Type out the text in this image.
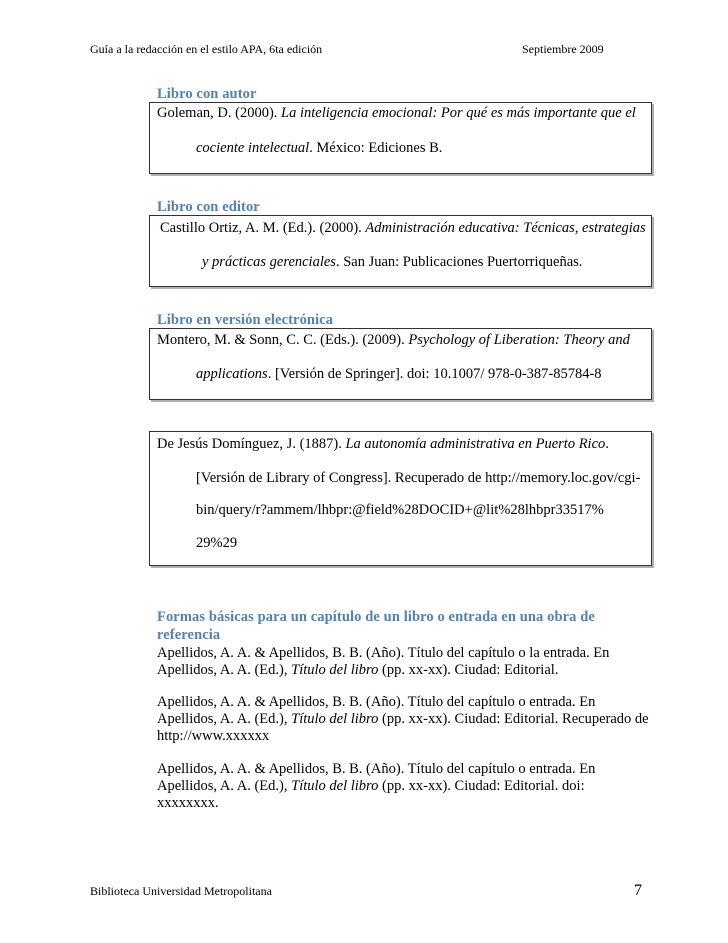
Guía a la redacción en el estilo APA, 6ta edición	Septiembre 2009
Libro con autor
Goleman, D. (2000). La inteligencia emocional: Por qué es más importante que el
cociente intelectual. México: Ediciones B.
Libro con editor
Castillo Ortiz, A. M. (Ed.). (2000). Administración educativa: Técnicas, estrategias
y prácticas gerenciales. San Juan: Publicaciones Puertorriqueñas.
Libro en versión electrónica
Montero, M. & Sonn, C. C. (Eds.). (2009). Psychology of Liberation: Theory and
applications. [Versión de Springer]. doi: 10.1007/ 978-0-387-85784-8
De Jesús Domínguez, J. (1887). La autonomía administrativa en Puerto Rico.
[Versión de Library of Congress]. Recuperado de http://memory.loc.gov/cgi-
bin/query/r?ammem/lhbpr:@field%28DOCID+@lit%28lhbpr33517%
29%29
Formas básicas para un capítulo de un libro o entrada en una obra de
referencia
Apellidos, A. A. & Apellidos, B. B. (Año). Título del capítulo o la entrada. En
Apellidos, A. A. (Ed.), Título del libro (pp. xx-xx). Ciudad: Editorial.
Apellidos, A. A. & Apellidos, B. B. (Año). Título del capítulo o entrada. En
Apellidos, A. A. (Ed.), Título del libro (pp. xx-xx). Ciudad: Editorial. Recuperado de
http://www.xxxxxx
Apellidos, A. A. & Apellidos, B. B. (Año). Título del capítulo o entrada. En
Apellidos, A. A. (Ed.), Título del libro (pp. xx-xx). Ciudad: Editorial. doi:
xxxxxxxx.
Biblioteca Universidad Metropolitana	7
